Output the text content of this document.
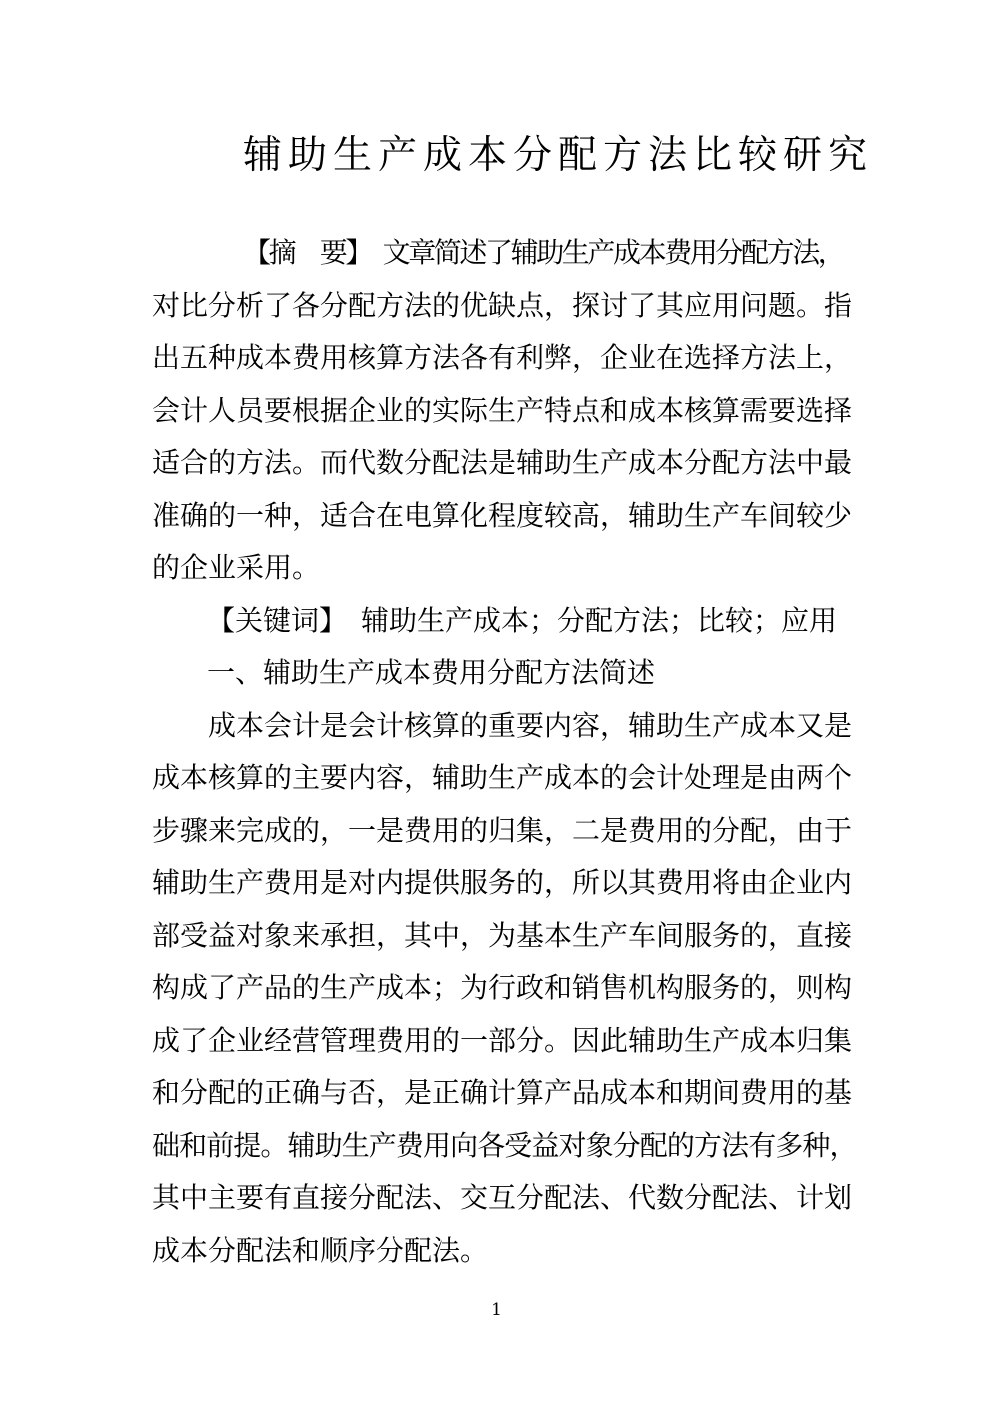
辅助生产成本分配方法比较研究
【摘　要】　文章简述了辅助生产成本费用分配方法，
对比分析了各分配方法的优缺点，探讨了其应用问题。指
出五种成本费用核算方法各有利弊，企业在选择方法上，
会计人员要根据企业的实际生产特点和成本核算需要选择
适合的方法。而代数分配法是辅助生产成本分配方法中最
准确的一种，适合在电算化程度较高，辅助生产车间较少
的企业采用。
【关键词】　辅助生产成本；分配方法；比较；应用
一、辅助生产成本费用分配方法简述
成本会计是会计核算的重要内容，辅助生产成本又是
成本核算的主要内容，辅助生产成本的会计处理是由两个
步骤来完成的，一是费用的归集，二是费用的分配，由于
辅助生产费用是对内提供服务的，所以其费用将由企业内
部受益对象来承担，其中，为基本生产车间服务的，直接
构成了产品的生产成本；为行政和销售机构服务的，则构
成了企业经营管理费用的一部分。因此辅助生产成本归集
和分配的正确与否，是正确计算产品成本和期间费用的基
础和前提。辅助生产费用向各受益对象分配的方法有多种，
其中主要有直接分配法、交互分配法、代数分配法、计划
成本分配法和顺序分配法。
1
